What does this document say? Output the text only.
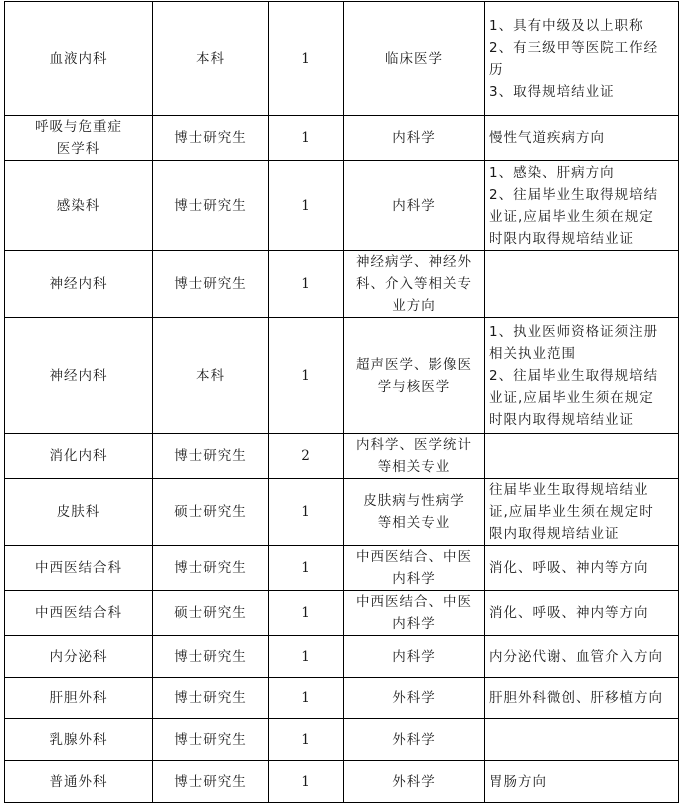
血液内科	本科	1	临床医学	1、具有中级及以上职称
2、有三级甲等医院工作经
历
3、取得规培结业证

呼吸与危重症
医学科	博士研究生	1	内科学	慢性气道疾病方向

感染科	博士研究生	1	内科学	1、感染、肝病方向
2、往届毕业生取得规培结
业证,应届毕业生须在规定
时限内取得规培结业证

神经内科	博士研究生	1	神经病学、神经外
科、介入等相关专
业方向	

神经内科	本科	1	超声医学、影像医
学与核医学	1、执业医师资格证须注册
相关执业范围
2、往届毕业生取得规培结
业证,应届毕业生须在规定
时限内取得规培结业证

消化内科	博士研究生	2	内科学、医学统计
等相关专业	

皮肤科	硕士研究生	1	皮肤病与性病学
等相关专业	往届毕业生取得规培结业
证,应届毕业生须在规定时
限内取得规培结业证

中西医结合科	博士研究生	1	中西医结合、中医
内科学	消化、呼吸、神内等方向

中西医结合科	硕士研究生	1	中西医结合、中医
内科学	消化、呼吸、神内等方向

内分泌科	博士研究生	1	内科学	内分泌代谢、血管介入方向

肝胆外科	博士研究生	1	外科学	肝胆外科微创、肝移植方向

乳腺外科	博士研究生	1	外科学	

普通外科	博士研究生	1	外科学	胃肠方向
